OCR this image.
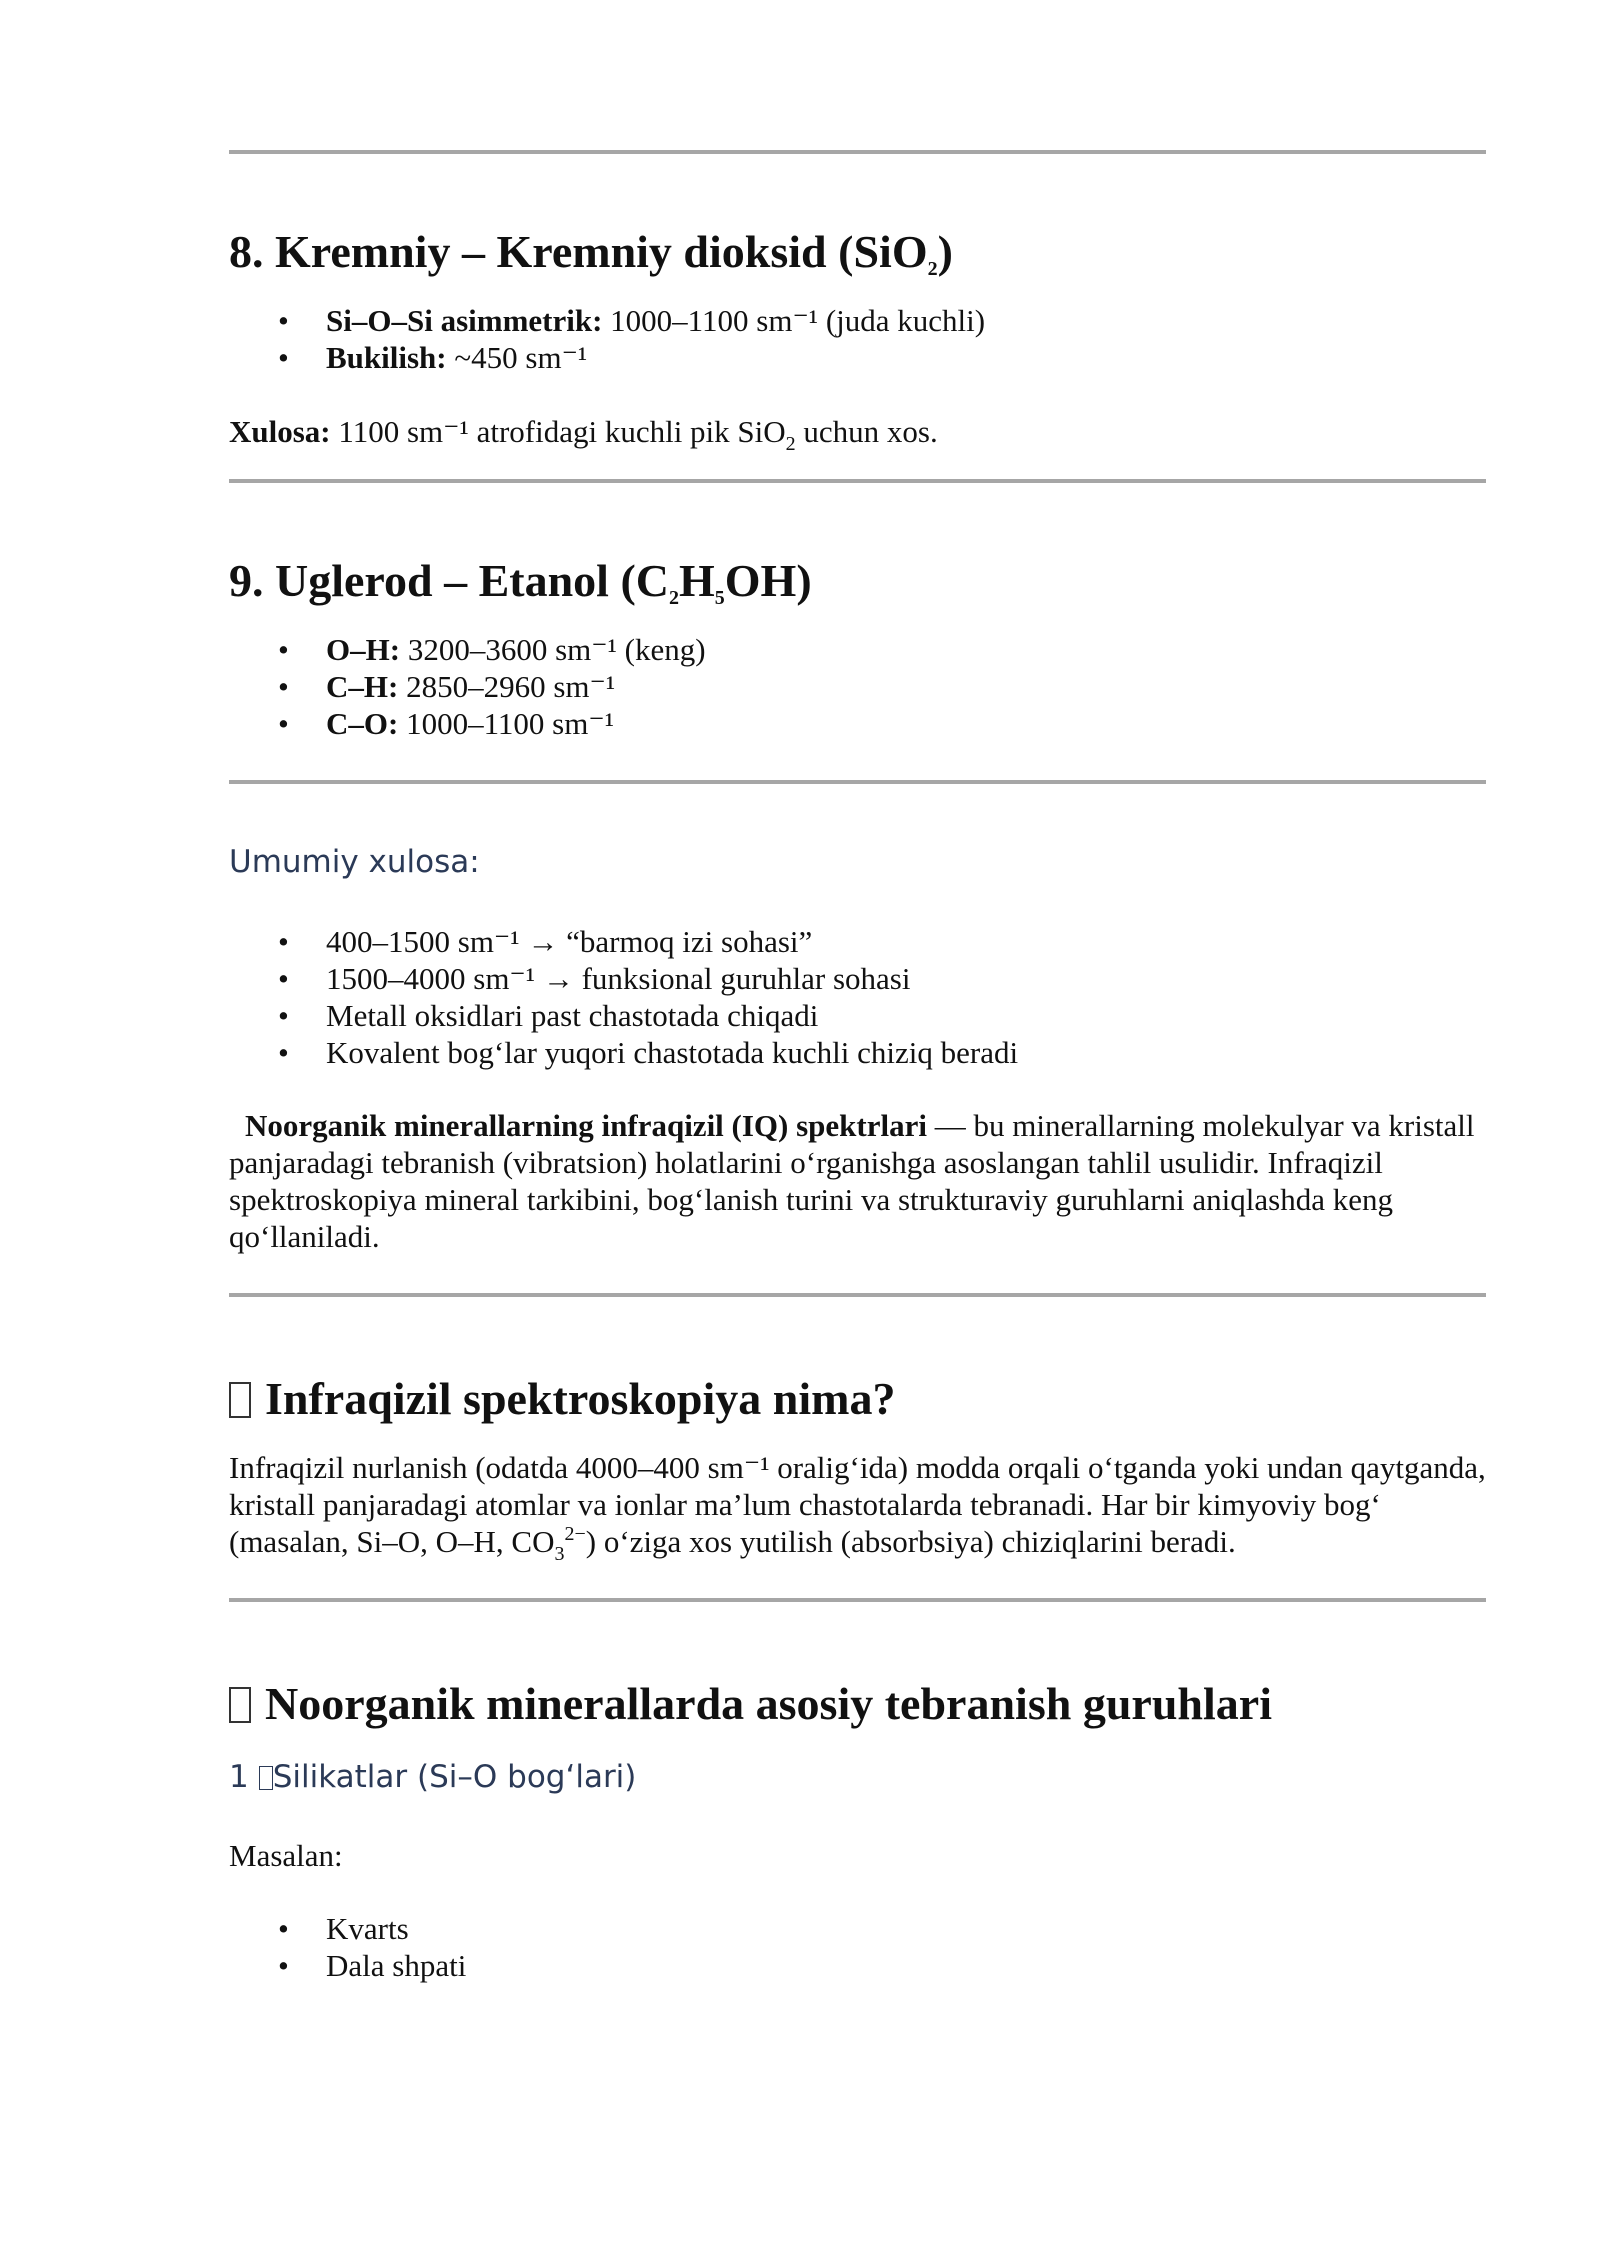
8. Kremniy – Kremniy dioksid (SiO$_2$)
• Si–O–Si asimmetrik: 1000–1100 sm⁻¹ (juda kuchli)
• Bukilish: ~450 sm⁻¹

Xulosa: 1100 sm⁻¹ atrofidagi kuchli pik SiO$_2$ uchun xos.

9. Uglerod – Etanol $(C_2H_5OH)$
• O–H: 3200–3600 sm⁻¹ (keng)
• C–H: 2850–2960 sm⁻¹
• C–O: 1000–1100 sm⁻¹
Umumiy xulosa:
• 400–1500 sm⁻¹ → “barmoq izi sohasi”
• 1500–4000 sm⁻¹ → funksional guruhlar sohasi
• Metall oksidlari past chastotada chiqadi
• Kovalent bog‘lar yuqori chastotada kuchli chiziq beradi

Noorganik minerallarning infraqizil (IQ) spektrlari — bu minerallarning molekulyar va kristall panjaradagi tebranish (vibratsion) holatlarini o‘rganishga asoslangan tahlil usulidir. Infraqizil spektroskopiya mineral tarkibini, bog‘lanish turini va strukturaviy guruhlarni aniqlashda keng qo‘llaniladi.

Infraqizil spektroskopiya nima?

Infraqizil nurlanish (odatda 4000–400 sm⁻¹ oralig‘ida) modda orqali o‘tganda yoki undan qaytganda, kristall panjaradagi atomlar va ionlar ma’lum chastotalarda tebranadi. Har bir kimyoviy bog‘ (masalan, Si–O, O–H, $CO_3^{2-}$) o‘ziga xos yutilish (absorbsiya) chiziqlarini beradi.

Noorganik minerallarda asosiy tebranish guruhlari
1 Silikatlar (Si–O bog‘lari)

Masalan:

• Kvarts
• Dala shpati
